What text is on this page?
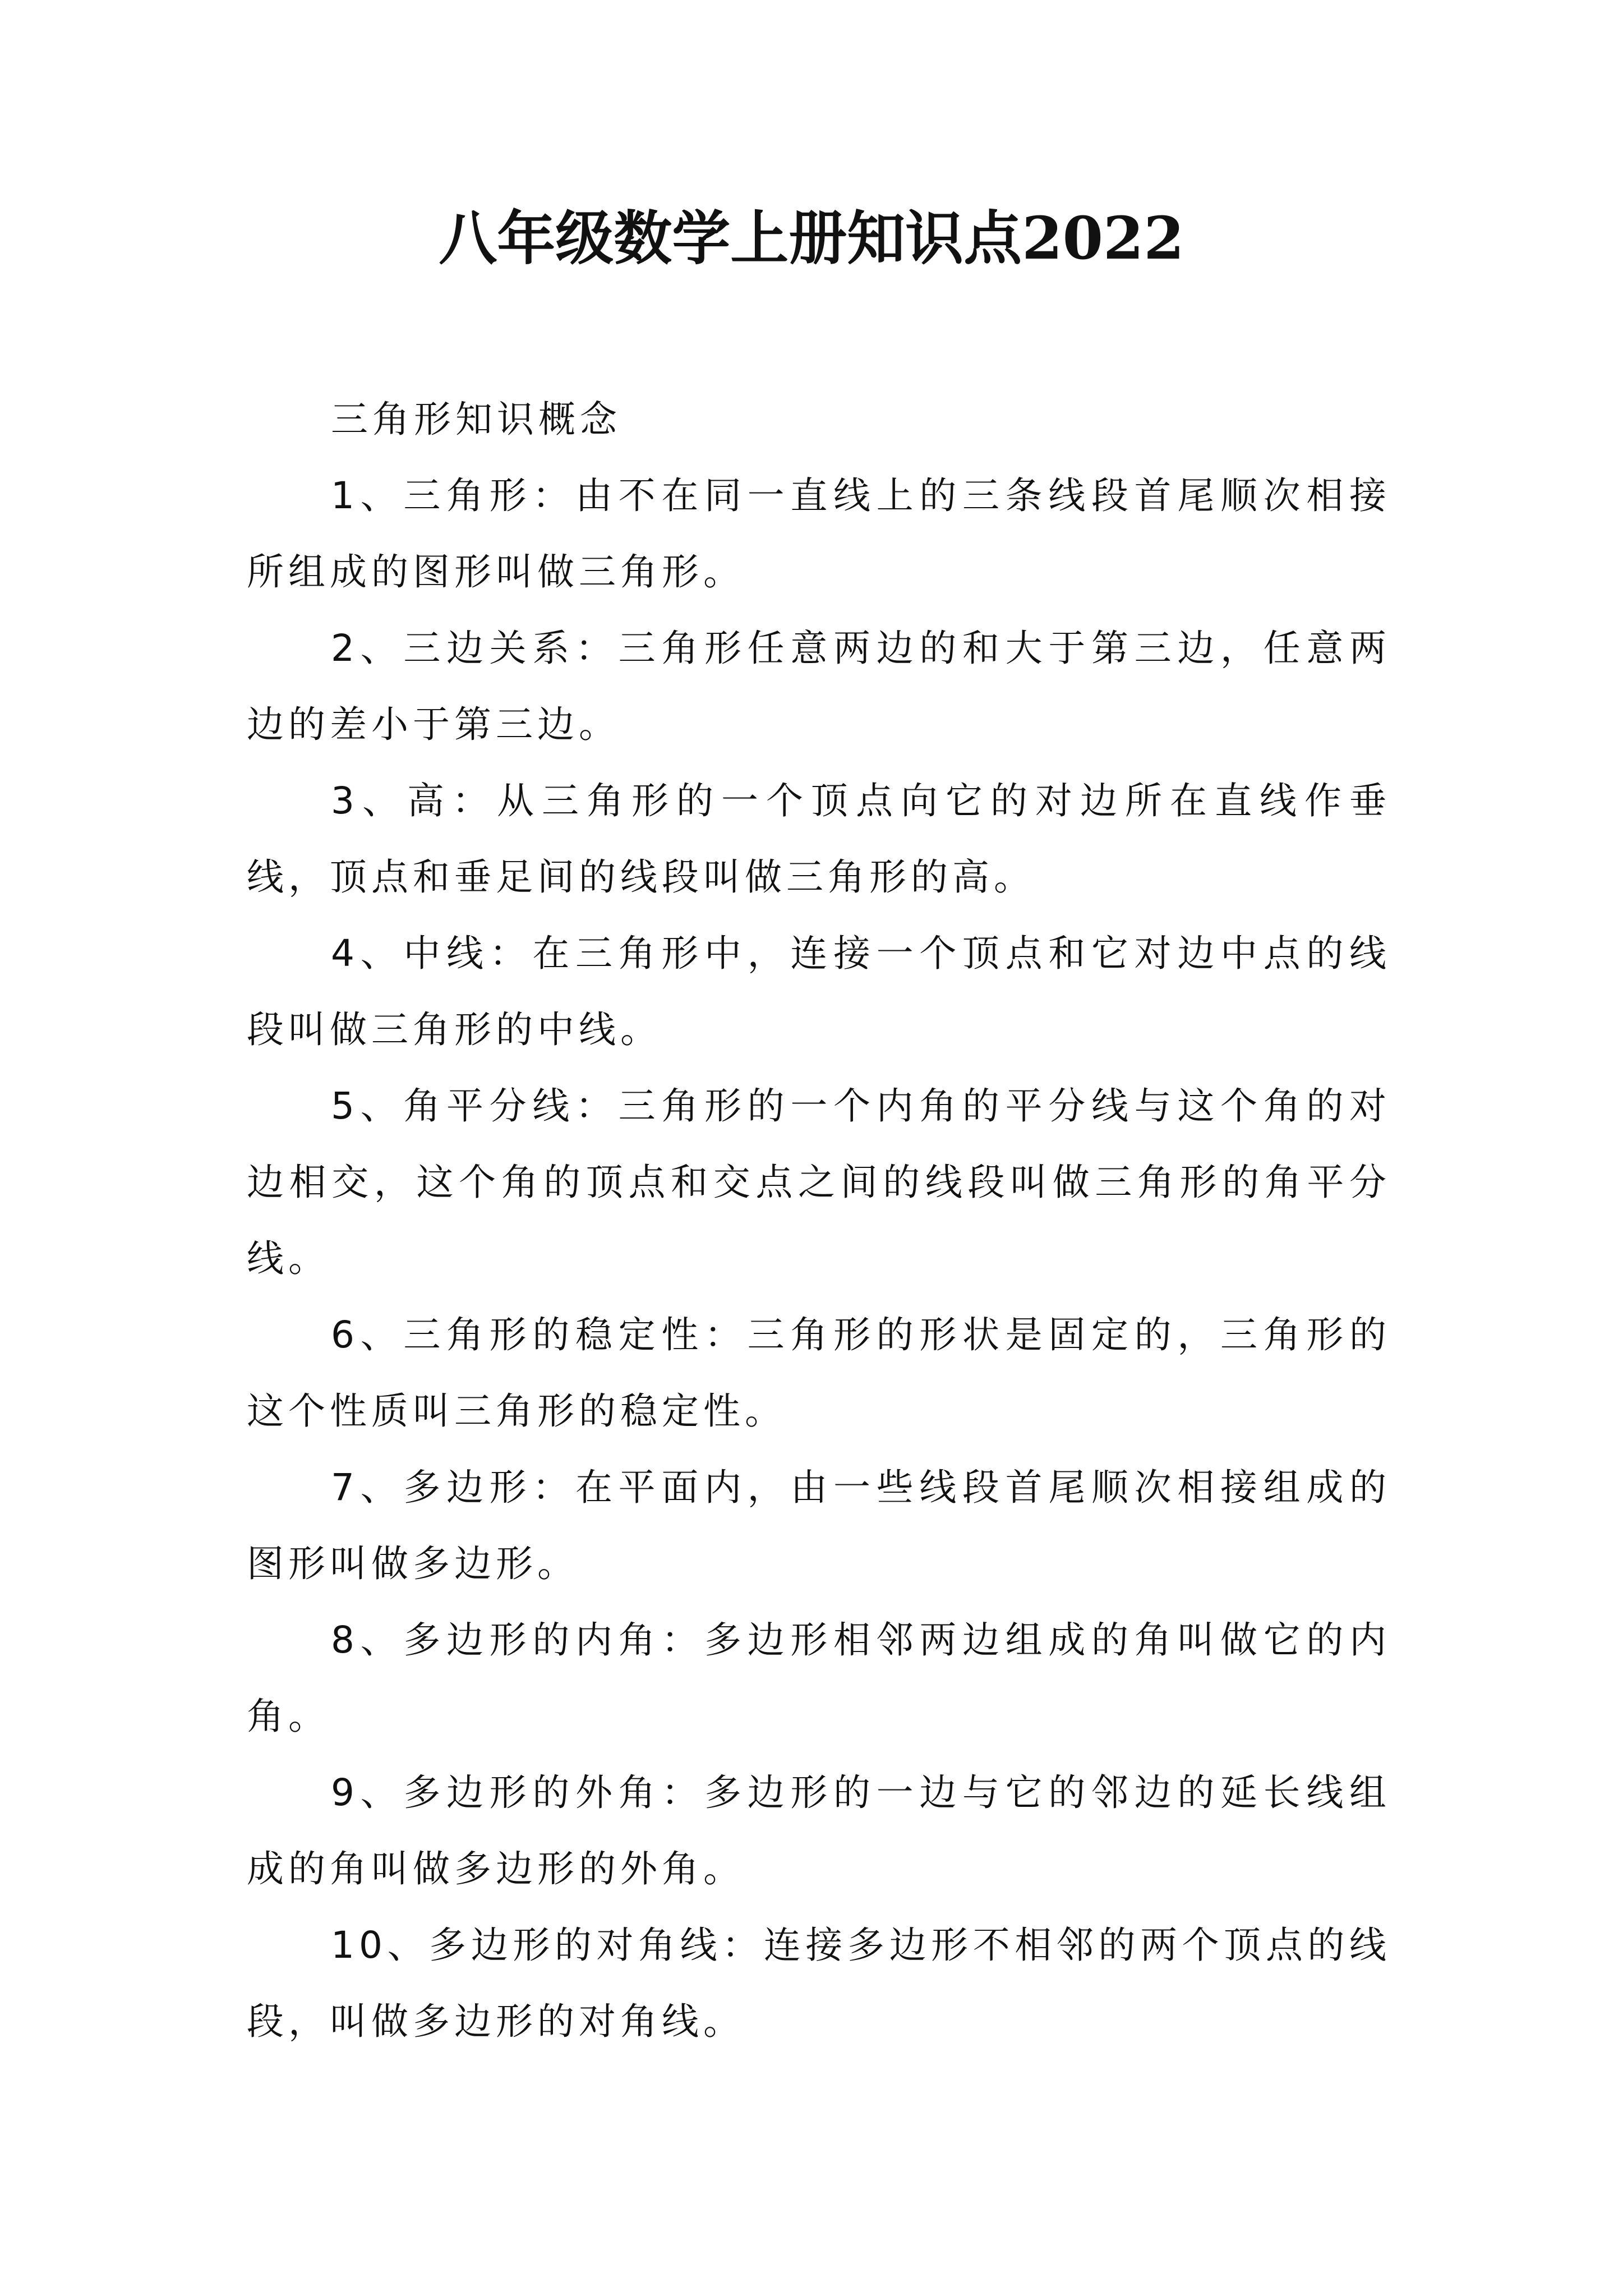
八年级数学上册知识点2022

三角形知识概念

1、三角形：由不在同一直线上的三条线段首尾顺次相接所组成的图形叫做三角形。

2、三边关系：三角形任意两边的和大于第三边，任意两边的差小于第三边。

3、高：从三角形的一个顶点向它的对边所在直线作垂线，顶点和垂足间的线段叫做三角形的高。

4、中线：在三角形中，连接一个顶点和它对边中点的线段叫做三角形的中线。

5、角平分线：三角形的一个内角的平分线与这个角的对边相交，这个角的顶点和交点之间的线段叫做三角形的角平分线。

6、三角形的稳定性：三角形的形状是固定的，三角形的这个性质叫三角形的稳定性。

7、多边形：在平面内，由一些线段首尾顺次相接组成的图形叫做多边形。

8、多边形的内角：多边形相邻两边组成的角叫做它的内角。

9、多边形的外角：多边形的一边与它的邻边的延长线组成的角叫做多边形的外角。

10、多边形的对角线：连接多边形不相邻的两个顶点的线段，叫做多边形的对角线。
